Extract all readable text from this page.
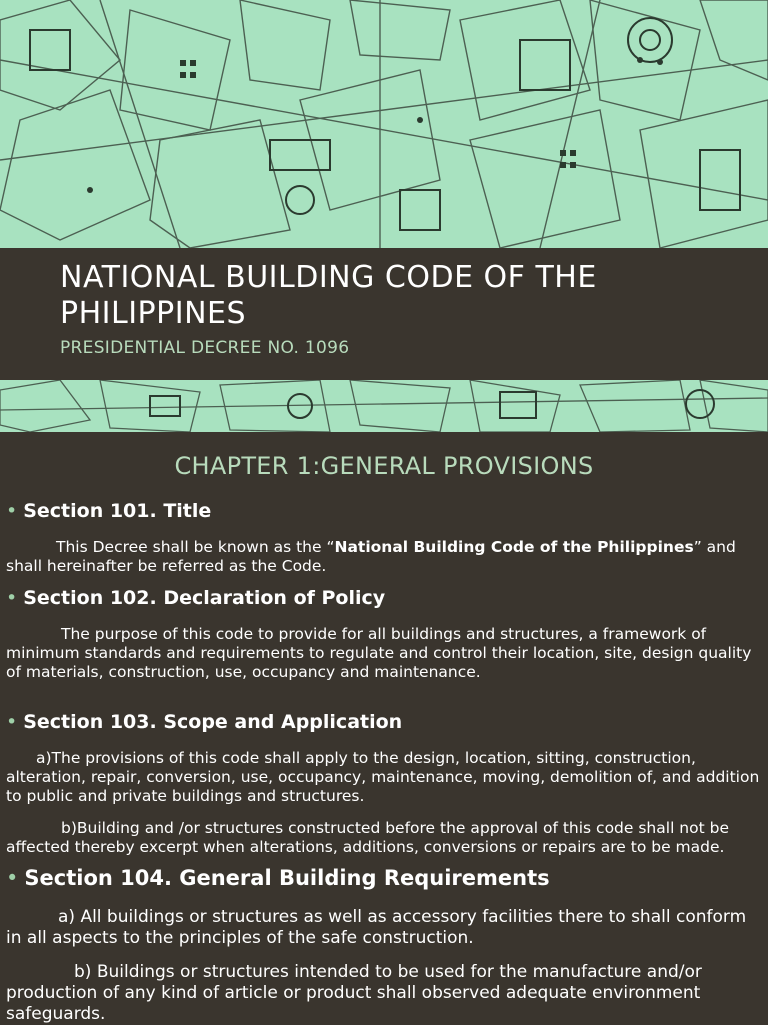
NATIONAL BUILDING CODE OF THE PHILIPPINES
PRESIDENTIAL DECREE NO. 1096
CHAPTER 1:GENERAL PROVISIONS
• Section 101. Title
This Decree shall be known as the “National Building Code of the Philippines” and shall hereinafter be referred as the Code.
• Section 102. Declaration of Policy
The purpose of this code to provide for all buildings and structures, a framework of minimum standards and requirements to regulate and control their location, site, design quality of materials, construction, use, occupancy and maintenance.
• Section 103. Scope and Application
a)The provisions of this code shall apply to the design, location, sitting, construction, alteration, repair, conversion, use, occupancy, maintenance, moving, demolition of, and addition to public and private buildings and structures.
b)Building and /or structures constructed before the approval of this code shall not be affected thereby excerpt when alterations, additions, conversions or repairs are to be made.
• Section 104. General Building Requirements
a) All buildings or structures as well as accessory facilities there to shall conform in all aspects to the principles of the safe construction.
b) Buildings or structures intended to be used for the manufacture and/or production of any kind of article or product shall observed adequate environment safeguards.
